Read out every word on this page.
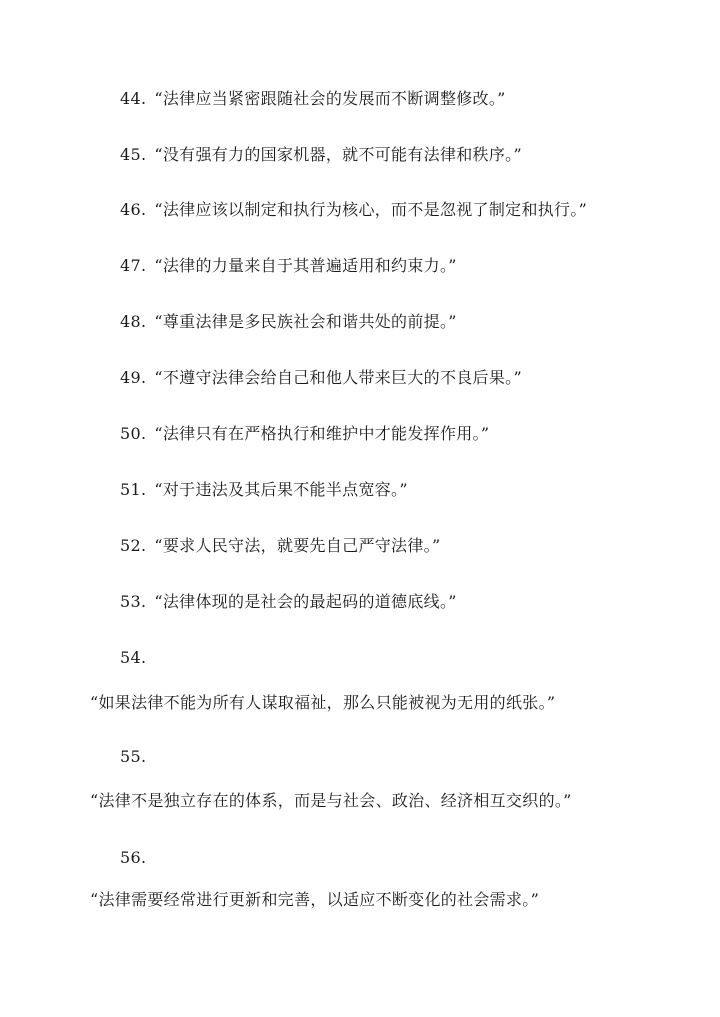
44. “法律应当紧密跟随社会的发展而不断调整修改。”
45. “没有强有力的国家机器，就不可能有法律和秩序。”
46. “法律应该以制定和执行为核心，而不是忽视了制定和执行。”
47. “法律的力量来自于其普遍适用和约束力。”
48. “尊重法律是多民族社会和谐共处的前提。”
49. “不遵守法律会给自己和他人带来巨大的不良后果。”
50. “法律只有在严格执行和维护中才能发挥作用。”
51. “对于违法及其后果不能半点宽容。”
52. “要求人民守法，就要先自己严守法律。”
53. “法律体现的是社会的最起码的道德底线。”
54.
“如果法律不能为所有人谋取福祉，那么只能被视为无用的纸张。”
55.
“法律不是独立存在的体系，而是与社会、政治、经济相互交织的。”
56.
“法律需要经常进行更新和完善，以适应不断变化的社会需求。”
